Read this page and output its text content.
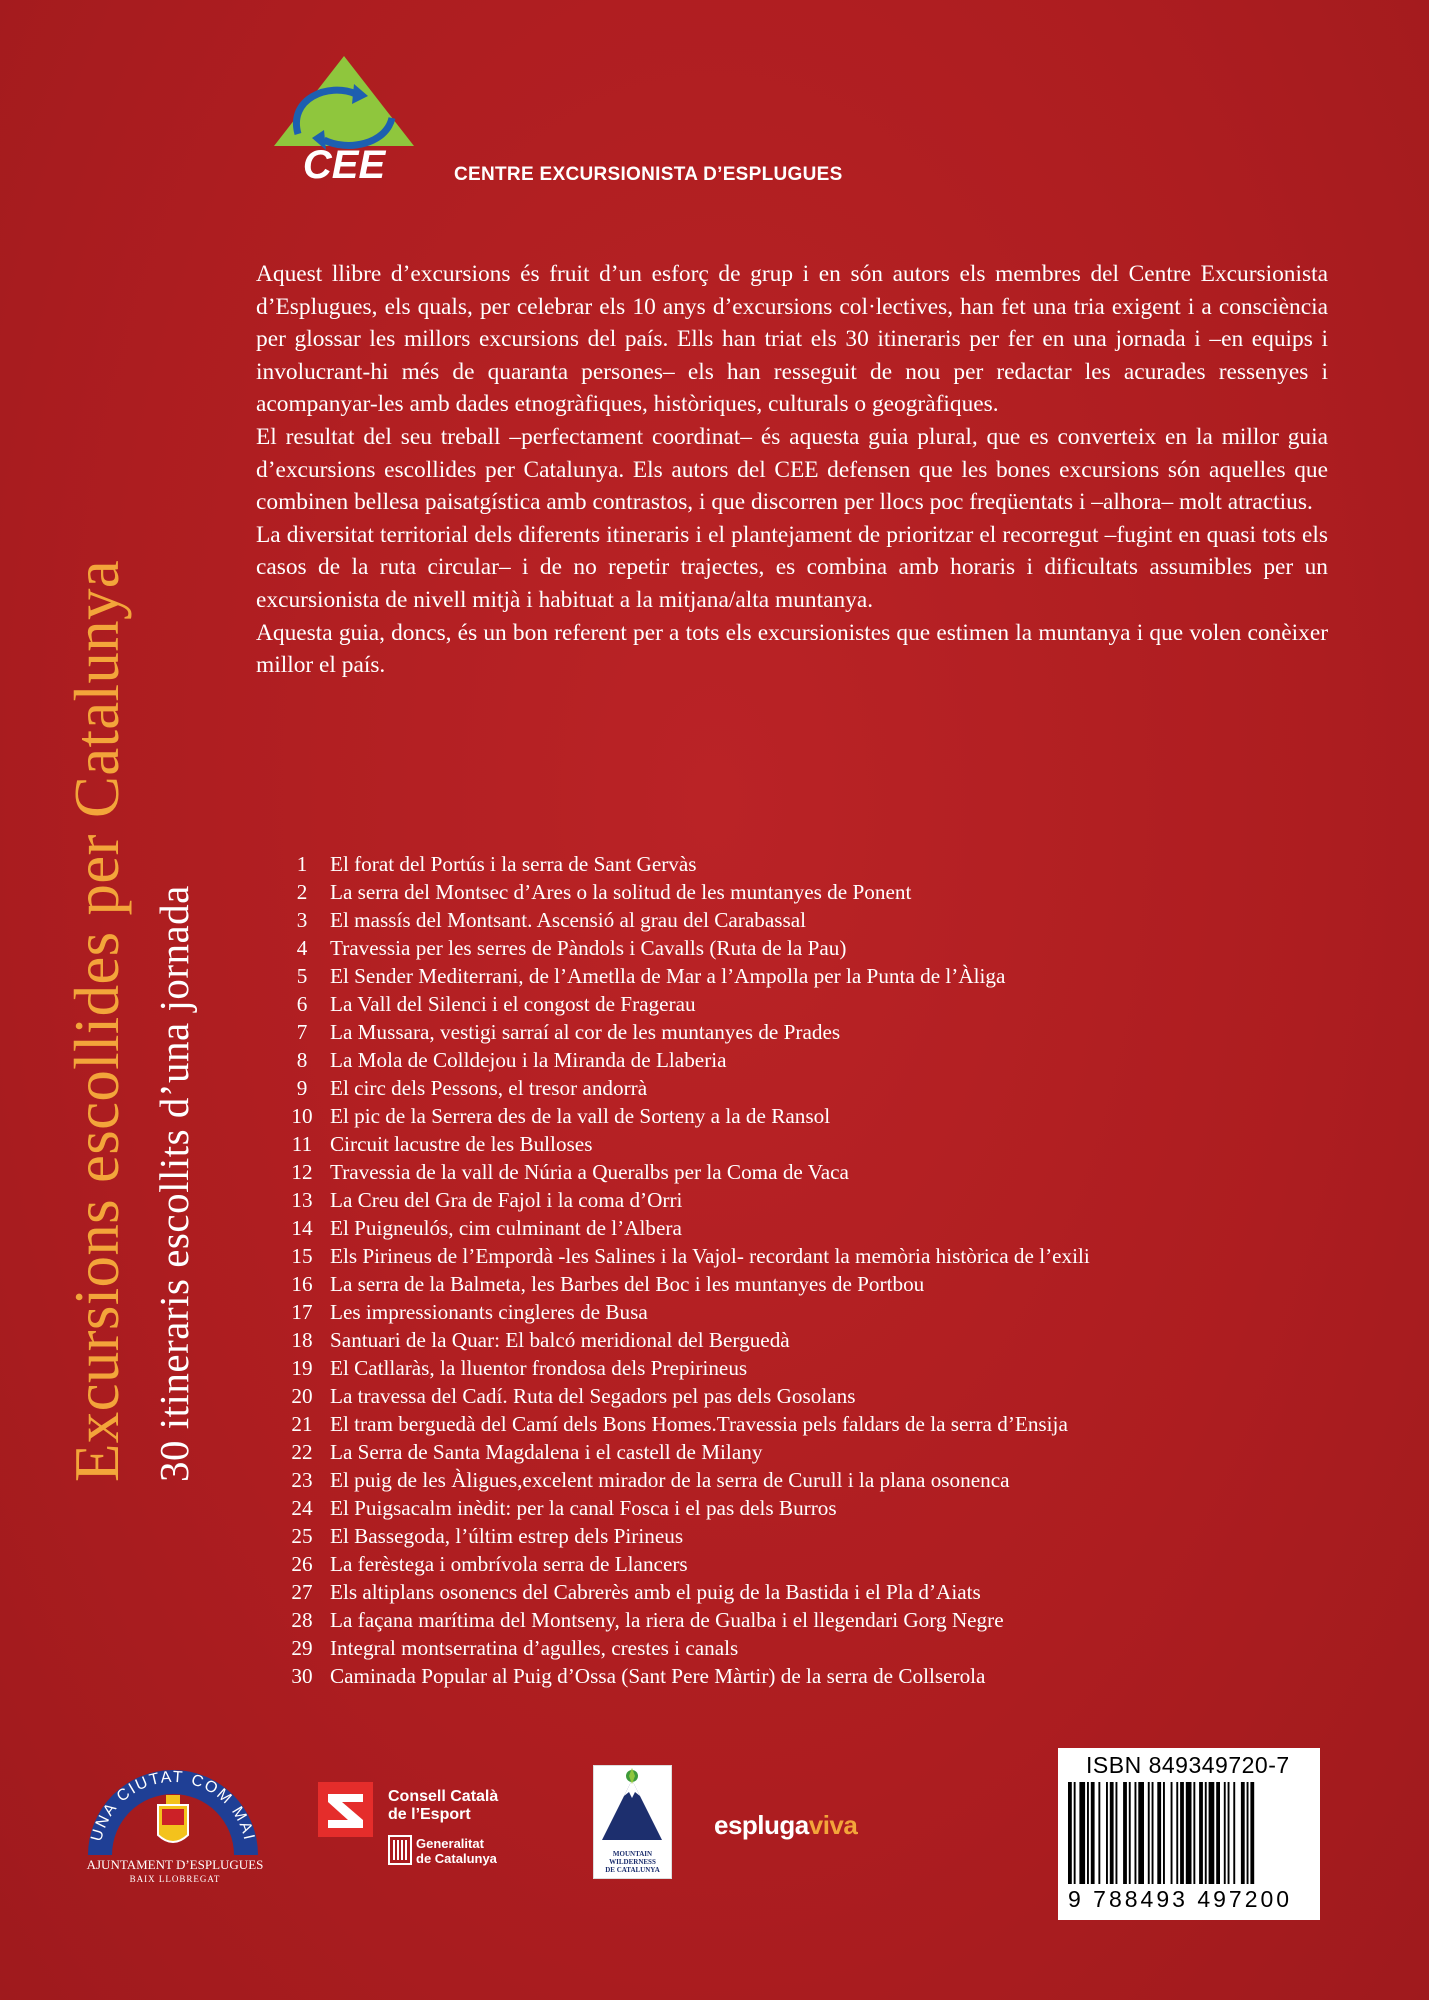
CEE	CENTRE EXCURSIONISTA D’ESPLUGUES
Excursions escollides per Catalunya 30 itineraris escollits d’una jornada

Aquest llibre d’excursions és fruit d’un esforç de grup i en són autors els membres del Centre Excursionista d’Esplugues, els quals, per celebrar els 10 anys d’excursions col·lectives, han fet una tria exigent i a consciència per glossar les millors excursions del país. Ells han triat els 30 itineraris per fer en una jornada i –en equips i involucrant-hi més de quaranta persones– els han resseguit de nou per redactar les acurades ressenyes i acompanyar-les amb dades etnogràfiques, històriques, culturals o geogràfiques.

El resultat del seu treball –perfectament coordinat– és aquesta guia plural, que es converteix en la millor guia d’excursions escollides per Catalunya. Els autors del CEE defensen que les bones excursions són aquelles que combinen bellesa paisatgística amb contrastos, i que discorren per llocs poc freqüentats i –alhora– molt atractius.

La diversitat territorial dels diferents itineraris i el plantejament de prioritzar el recorregut –fugint en quasi tots els casos de la ruta circular– i de no repetir trajectes, es combina amb horaris i dificultats assumibles per un excursionista de nivell mitjà i habituat a la mitjana/alta muntanya.

Aquesta guia, doncs, és un bon referent per a tots els excursionistes que estimen la muntanya i que volen conèixer millor el país.

1	El forat del Portús i la serra de Sant Gervàs
2	La serra del Montsec d’Ares o la solitud de les muntanyes de Ponent
3	El massís del Montsant. Ascensió al grau del Carabassal
4	Travessia per les serres de Pàndols i Cavalls (Ruta de la Pau)
5	El Sender Mediterrani, de l’Ametlla de Mar a l’Ampolla per la Punta de l’Àliga
6	La Vall del Silenci i el congost de Fragerau
7	La Mussara, vestigi sarraí al cor de les muntanyes de Prades
8	La Mola de Colldejou i la Miranda de Llaberia
9	El circ dels Pessons, el tresor andorrà
10 El pic de la Serrera des de la vall de Sorteny a la de Ransol
11 Circuit lacustre de les Bulloses
12 Travessia de la vall de Núria a Queralbs per la Coma de Vaca
13 La Creu del Gra de Fajol i la coma d’Orri
14 El Puigneulós, cim culminant de l’Albera
15 Els Pirineus de l’Empordà -les Salines i la Vajol- recordant la memòria històrica de l’exili
16 La serra de la Balmeta, les Barbes del Boc i les muntanyes de Portbou
17 Les impressionants cingleres de Busa
18 Santuari de la Quar: El balcó meridional del Berguedà
19 El Catllaràs, la lluentor frondosa dels Prepirineus
20 La travessa del Cadí. Ruta del Segadors pel pas dels Gosolans
21 El tram berguedà del Camí dels Bons Homes.Travessia pels faldars de la serra d’Ensija
22 La Serra de Santa Magdalena i el castell de Milany
23 El puig de les Àligues,excelent mirador de la serra de Curull i la plana osonenca
24 El Puigsacalm inèdit: per la canal Fosca i el pas dels Burros
25 El Bassegoda, l’últim estrep dels Pirineus
26 La ferèstega i ombrívola serra de Llancers
27 Els altiplans osonencs del Cabrerès amb el puig de la Bastida i el Pla d’Aiats
28 La façana marítima del Montseny, la riera de Gualba i el llegendari Gorg Negre
29 Integral montserratina d’agulles, crestes i canals
30 Caminada Popular al Puig d’Ossa (Sant Pere Màrtir) de la serra de Collserola
UNA CIUTAT COM MAI
AJUNTAMENT D’ESPLUGUES
BAIX LLOBREGAT
Consell Català
de l’Esport
Generalitat
de Catalunya	MOUNTAIN
WILDERNESS
DE CATALUNYA
esplugaviva
ISBN 849349720-7
9 788493 497200
